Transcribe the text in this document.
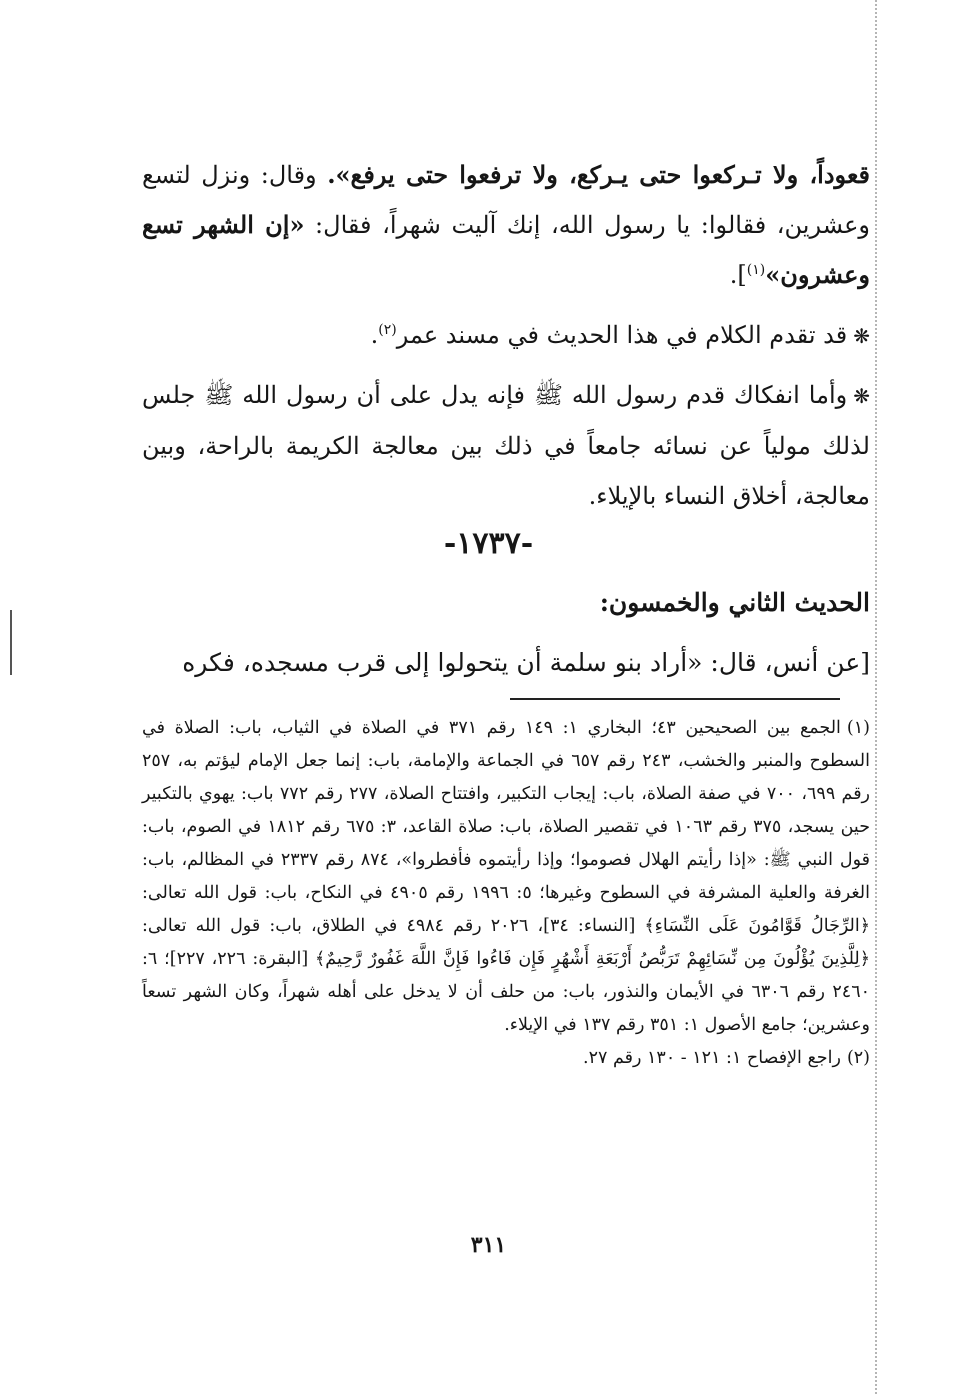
قعوداً، ولا تـركعوا حتى يـركع، ولا ترفعوا حتى يرفع». وقال: ونزل لتسع وعشرين، فقالوا: يا رسول الله، إنك آليت شهراً، فقال: «إن الشهر تسع وعشرون»$^{(١)}$].

❋قد تقدم الكلام في هذا الحديث في مسند عمر$^{(٢)}$.

❋وأما انفكاك قدم رسول الله ﷺ فإنه يدل على أن رسول الله ﷺ جلس لذلك مولياً عن نسائه جامعاً في ذلك بين معالجة الكريمة بالراحة، وبين معالجة، أخلاق النساء بالإيلاء.

-١٧٣٧-
الحديث الثاني والخمسون:

[عن أنس، قال: «أراد بنو سلمة أن يتحولوا إلى قرب مسجده، فكره

(١)الجمع بين الصحيحين ٤٣؛ البخاري ١: ١٤٩ رقم ٣٧١ في الصلاة في الثياب، باب: الصلاة في السطوح والمنبر والخشب، ٢٤٣ رقم ٦٥٧ في الجماعة والإمامة، باب: إنما جعل الإمام ليؤتم به، ٢٥٧ رقم ٦٩٩، ٧٠٠ في صفة الصلاة، باب: إيجاب التكبير، وافتتاح الصلاة، ٢٧٧ رقم ٧٧٢ باب: يهوي بالتكبير حين يسجد، ٣٧٥ رقم ١٠٦٣ في تقصير الصلاة، باب: صلاة القاعد، ٣: ٦٧٥ رقم ١٨١٢ في الصوم، باب: قول النبي ﷺ: «إذا رأيتم الهلال فصوموا؛ وإذا رأيتموه فأفطروا»، ٨٧٤ رقم ٢٣٣٧ في المظالم، باب: الغرفة والعلية المشرفة في السطوح وغيرها؛ ٥: ١٩٩٦ رقم ٤٩٠٥ في النكاح، باب: قول الله تعالى: ﴿الرِّجَالُ قَوَّامُونَ عَلَى النِّسَاءِ﴾ [النساء: ٣٤]، ٢٠٢٦ رقم ٤٩٨٤ في الطلاق، باب: قول الله تعالى: ﴿لِلَّذِينَ يُؤْلُونَ مِن نِّسَائِهِمْ تَرَبُّصُ أَرْبَعَةِ أَشْهُرٍ فَإِن فَاءُوا فَإِنَّ اللَّهَ غَفُورٌ رَّحِيمٌ﴾ [البقرة: ٢٢٦، ٢٢٧]؛ ٦: ٢٤٦٠ رقم ٦٣٠٦ في الأيمان والنذور، باب: من حلف أن لا يدخل على أهله شهراً، وكان الشهر تسعاً وعشرين؛ جامع الأصول ١: ٣٥١ رقم ١٣٧ في الإيلاء.

(٢)راجع الإفصاح ١: ١٢١ - ١٣٠ رقم ٢٧.

٣١١
